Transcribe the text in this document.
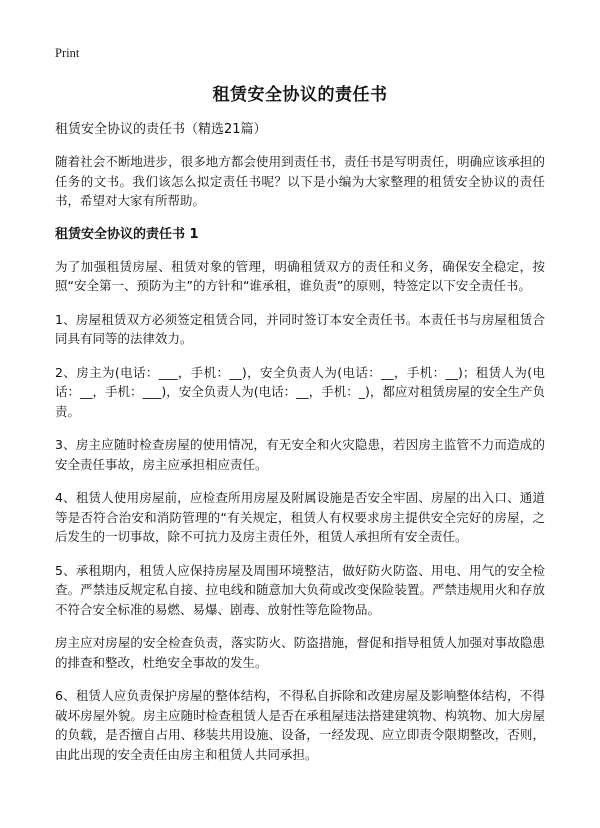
Print
租赁安全协议的责任书
租赁安全协议的责任书（精选21篇）

随着社会不断地进步，很多地方都会使用到责任书，责任书是写明责任，明确应该承担的任务的文书。我们该怎么拟定责任书呢？以下是小编为大家整理的租赁安全协议的责任书，希望对大家有所帮助。

租赁安全协议的责任书 1

为了加强租赁房屋、租赁对象的管理，明确租赁双方的责任和义务，确保安全稳定，按照“安全第一、预防为主”的方针和“谁承租，谁负责”的原则，特签定以下安全责任书。

1、房屋租赁双方必须签定租赁合同，并同时签订本安全责任书。本责任书与房屋租赁合同具有同等的法律效力。

2、房主为(电话：___，手机：__)，安全负责人为(电话：__，手机：__)；租赁人为(电话：__，手机：___)，安全负责人为(电话：__，手机：_)，都应对租赁房屋的安全生产负责。

3、房主应随时检查房屋的使用情况，有无安全和火灾隐患，若因房主监管不力而造成的安全责任事故，房主应承担相应责任。

4、租赁人使用房屋前，应检查所用房屋及附属设施是否安全牢固、房屋的出入口、通道等是否符合治安和消防管理的“有关规定，租赁人有权要求房主提供安全完好的房屋，之后发生的一切事故，除不可抗力及房主责任外，租赁人承担所有安全责任。

5、承租期内，租赁人应保持房屋及周围环境整洁，做好防火防盗、用电、用气的安全检查。严禁违反规定私自接、拉电线和随意加大负荷或改变保险装置。严禁违规用火和存放不符合安全标准的易燃、易爆、剧毒、放射性等危险物品。

房主应对房屋的安全检查负责，落实防火、防盗措施，督促和指导租赁人加强对事故隐患的排查和整改，杜绝安全事故的发生。

6、租赁人应负责保护房屋的整体结构，不得私自拆除和改建房屋及影响整体结构，不得破坏房屋外貌。房主应随时检查租赁人是否在承租屋违法搭建建筑物、构筑物、加大房屋的负载，是否擅自占用、移装共用设施、设备，一经发现、应立即责令限期整改，否则，由此出现的安全责任由房主和租赁人共同承担。
